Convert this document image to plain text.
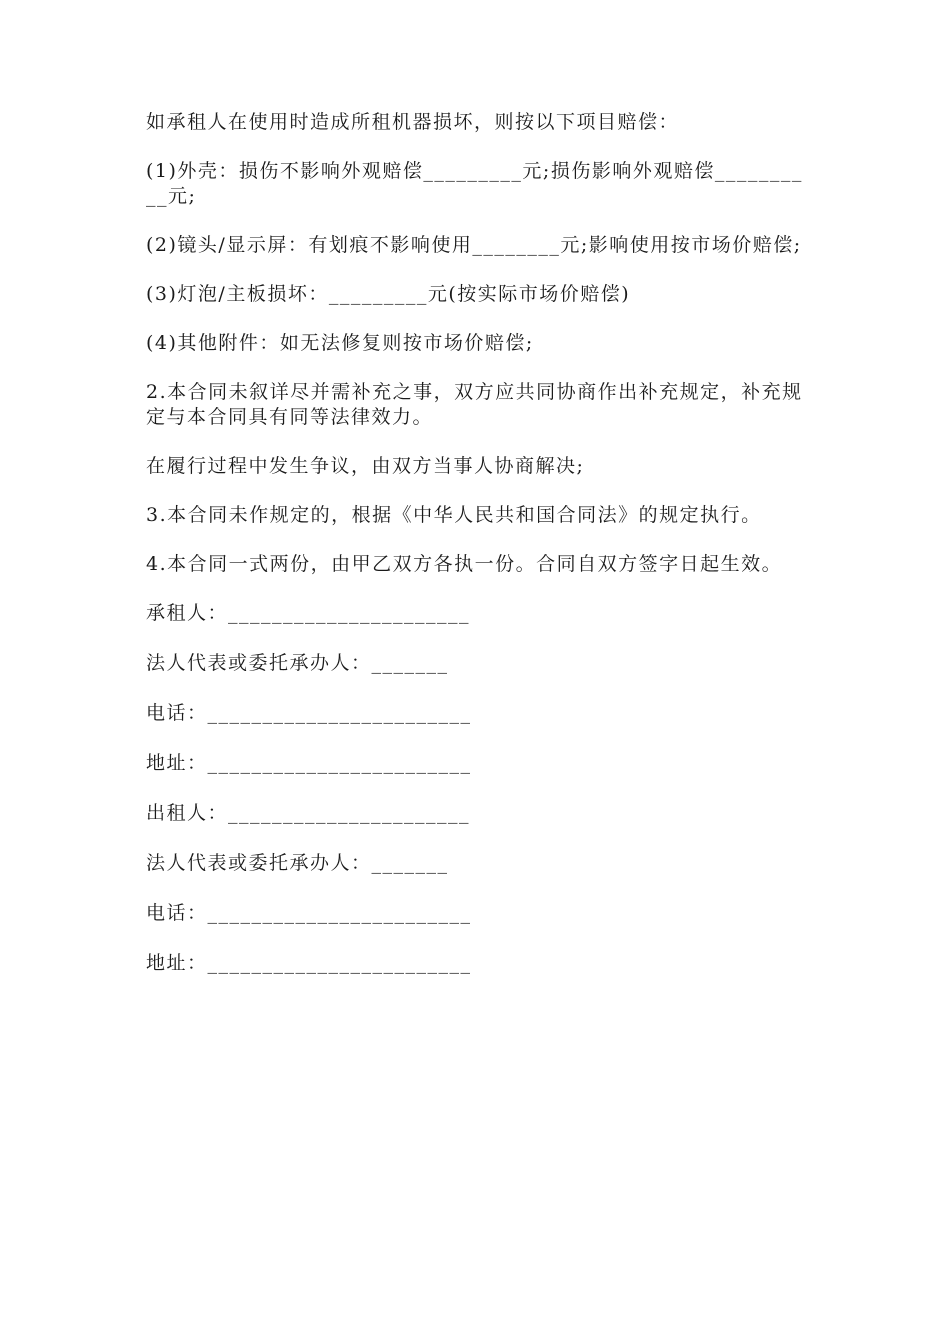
如承租人在使用时造成所租机器损坏，则按以下项目赔偿：

(1)外壳：损伤不影响外观赔偿_________元;损伤影响外观赔偿__________元;

(2)镜头/显示屏：有划痕不影响使用________元;影响使用按市场价赔偿;

(3)灯泡/主板损坏：_________元(按实际市场价赔偿)

(4)其他附件：如无法修复则按市场价赔偿;

2.本合同未叙详尽并需补充之事，双方应共同协商作出补充规定，补充规定与本合同具有同等法律效力。

在履行过程中发生争议，由双方当事人协商解决;

3.本合同未作规定的，根据《中华人民共和国合同法》的规定执行。

4.本合同一式两份，由甲乙双方各执一份。合同自双方签字日起生效。

承租人：______________________

法人代表或委托承办人：_______

电话：________________________

地址：________________________

出租人：______________________

法人代表或委托承办人：_______

电话：________________________

地址：________________________
